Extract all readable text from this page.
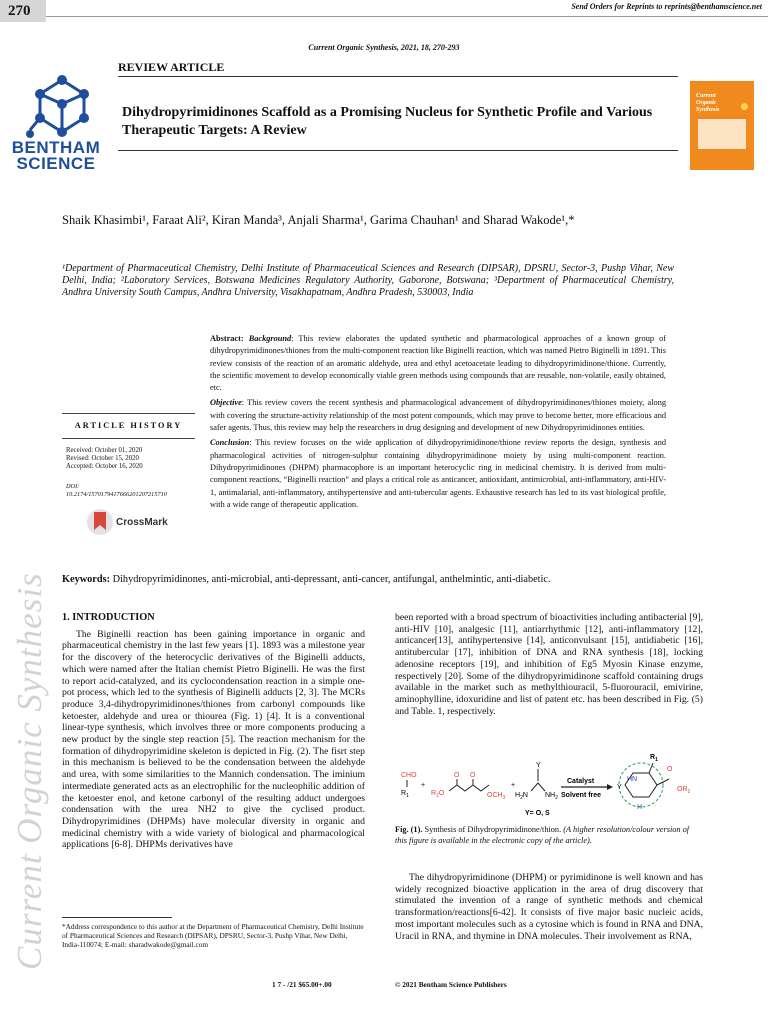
270	Send Orders for Reprints to reprints@benthamscience.net
Current Organic Synthesis, 2021, 18, 270-293
REVIEW ARTICLE
BENTHAM
SCIENCE
Dihydropyrimidinones Scaffold as a Promising Nucleus for Synthetic Profile and Various Therapeutic Targets: A Review
Current Organic Synthesis
Shaik Khasimbi¹, Faraat Ali², Kiran Manda³, Anjali Sharma¹, Garima Chauhan¹ and Sharad Wakode¹,*
¹Department of Pharmaceutical Chemistry, Delhi Institute of Pharmaceutical Sciences and Research (DIPSAR), DPSRU, Sector-3, Pushp Vihar, New Delhi, India; ²Laboratory Services, Botswana Medicines Regulatory Authority, Gaborone, Botswana; ³Department of Pharmaceutical Chemistry, Andhra University South Campus, Andhra University, Visakhapatnam, Andhra Pradesh, 530003, India

Abstract: Background: This review elaborates the updated synthetic and pharmacological approaches of a known group of dihydropyrimidinones/thiones from the multi-component reaction like Biginelli reaction, which was named Pietro Biginelli in 1891. This review consists of the reaction of an aromatic aldehyde, urea and ethyl acetoacetate leading to dihydropyrimidinone/thione. Currently, the scientific movement to develop economically viable green methods using compounds that are reusable, non-volatile, easily obtained, etc.

Objective: This review covers the recent synthesis and pharmacological advancement of dihydropyrimidinones/thiones moiety, along with covering the structure-activity relationship of the most potent compounds, which may prove to become better, more efficacious and safer agents. Thus, this review may help the researchers in drug designing and development of new Dihydropyrimidinones entities.

Conclusion: This review focuses on the wide application of dihydropyrimidinone/thione review reports the design, synthesis and pharmacological activities of nitrogen-sulphur containing dihydropyrimidinone moiety by using multi-component reaction. Dihydropyrimidinones (DHPM) pharmacophore is an important heterocyclic ring in medicinal chemistry. It is derived from multi-component reactions, “Biginelli reaction” and plays a critical role as anticancer, antioxidant, antimicrobial, anti-inflammatory, anti-HIV-1, antimalarial, anti-inflammatory, antihypertensive and anti-tubercular agents. Exhaustive research has led to its vast biological profile, with a wide range of therapeutic application.

ARTICLE HISTORY
Received: October 01, 2020
Revised: October 15, 2020
Accepted: October 16, 2020
DOI:
10.2174/1570179417666201207215710
CrossMark
Keywords: Dihydropyrimidinones, anti-microbial, anti-depressant, anti-cancer, antifungal, anthelmintic, anti-diabetic.
Current Organic Synthesis 1. INTRODUCTION

The Biginelli reaction has been gaining importance in organic and pharmaceutical chemistry in the last few years [1]. 1893 was a milestone year for the discovery of the heterocyclic derivatives of the Biginelli adducts, which were named after the Italian chemist Pietro Biginelli. He was the first to report acid-catalyzed, and its cyclocondensation reaction in a simple one-pot process, which led to the synthesis of Biginelli adducts [2, 3]. The MCRs produce 3,4-dihydropyrimidinones/thiones from carbonyl compounds like ketoester, aldehyde and urea or thiourea (Fig. 1) [4]. It is a conventional linear-type synthesis, which involves three or more components producing a new product by the single step reaction [5]. The reaction mechanism for the formation of dihydropyrimidine skeleton is depicted in Fig. (2). The fisrt step in this mechanism is believed to be the condensation between the aldehyde and urea, with some similarities to the Mannich condensation. The iminium intermediate generated acts as an electrophilic for the nucleophilic addition of the ketoester enol, and ketone carbonyl of the resulting adduct undergoes condensation with the urea NH2 to give the cyclised product. Dihydropyrimidines (DHPMs) have molecular diversity in organic and medicinal chemistry with a wide variety of biological and pharmacological applications [6-8]. DHPMs derivatives have

been reported with a broad spectrum of bioactivities including antibacterial [9], anti-HIV [10], analgesic [11], antiarrhythmic [12], anti-inflammatory [12], anticancer[13], antihypertensive [14], anticonvulsant [15], antidiabetic [16], antitubercular [17], inhibition of DNA and RNA synthesis [18], locking adenosine receptors [19], and inhibition of Eg5 Myosin Kinase enzyme, respectively [20]. Some of the dihydropyrimidinone scaffold containing drugs available in the market such as methylthiouracil, 5-fluorouracil, emivirine, aminophylline, idoxuridine and list of patent etc. has been described in Fig. (5) and Table. 1, respectively.

CHO
$R_1$
+
$R_2O$
O O
$OCH_3$
+
Y
$H_2N$ $NH_2$
Y= O, S
Catalyst
Solvent free
$R_1$
HN
Y
H
O
$OR_2$
Fig. (1). Synthesis of Dihydropyrimidinone/thion. (A higher resolution/colour version of this figure is available in the electronic copy of the article).

The dihydropyrimidinone (DHPM) or pyrimidinone is well known and has widely recognized bioactive application in the area of drug discovery that stimulated the invention of a range of synthetic methods and chemical transformation/reactions[6-42]. It consists of five major basic nucleic acids, most important molecules such as a cytosine which is found in RNA and DNA, Uracil in RNA, and thymine in DNA molecules. Their involvement as RNA,

*Address correspondence to this author at the Department of Pharmaceutical Chemistry, Delhi Institute of Pharmaceutical Sciences and Research (DIPSAR), DPSRU, Sector-3, Pushp Vihar, New Delhi, India-110074; E-mail: sharadwakode@gmail.com
1 7 - /21 $65.00+.00	© 2021 Bentham Science Publishers
